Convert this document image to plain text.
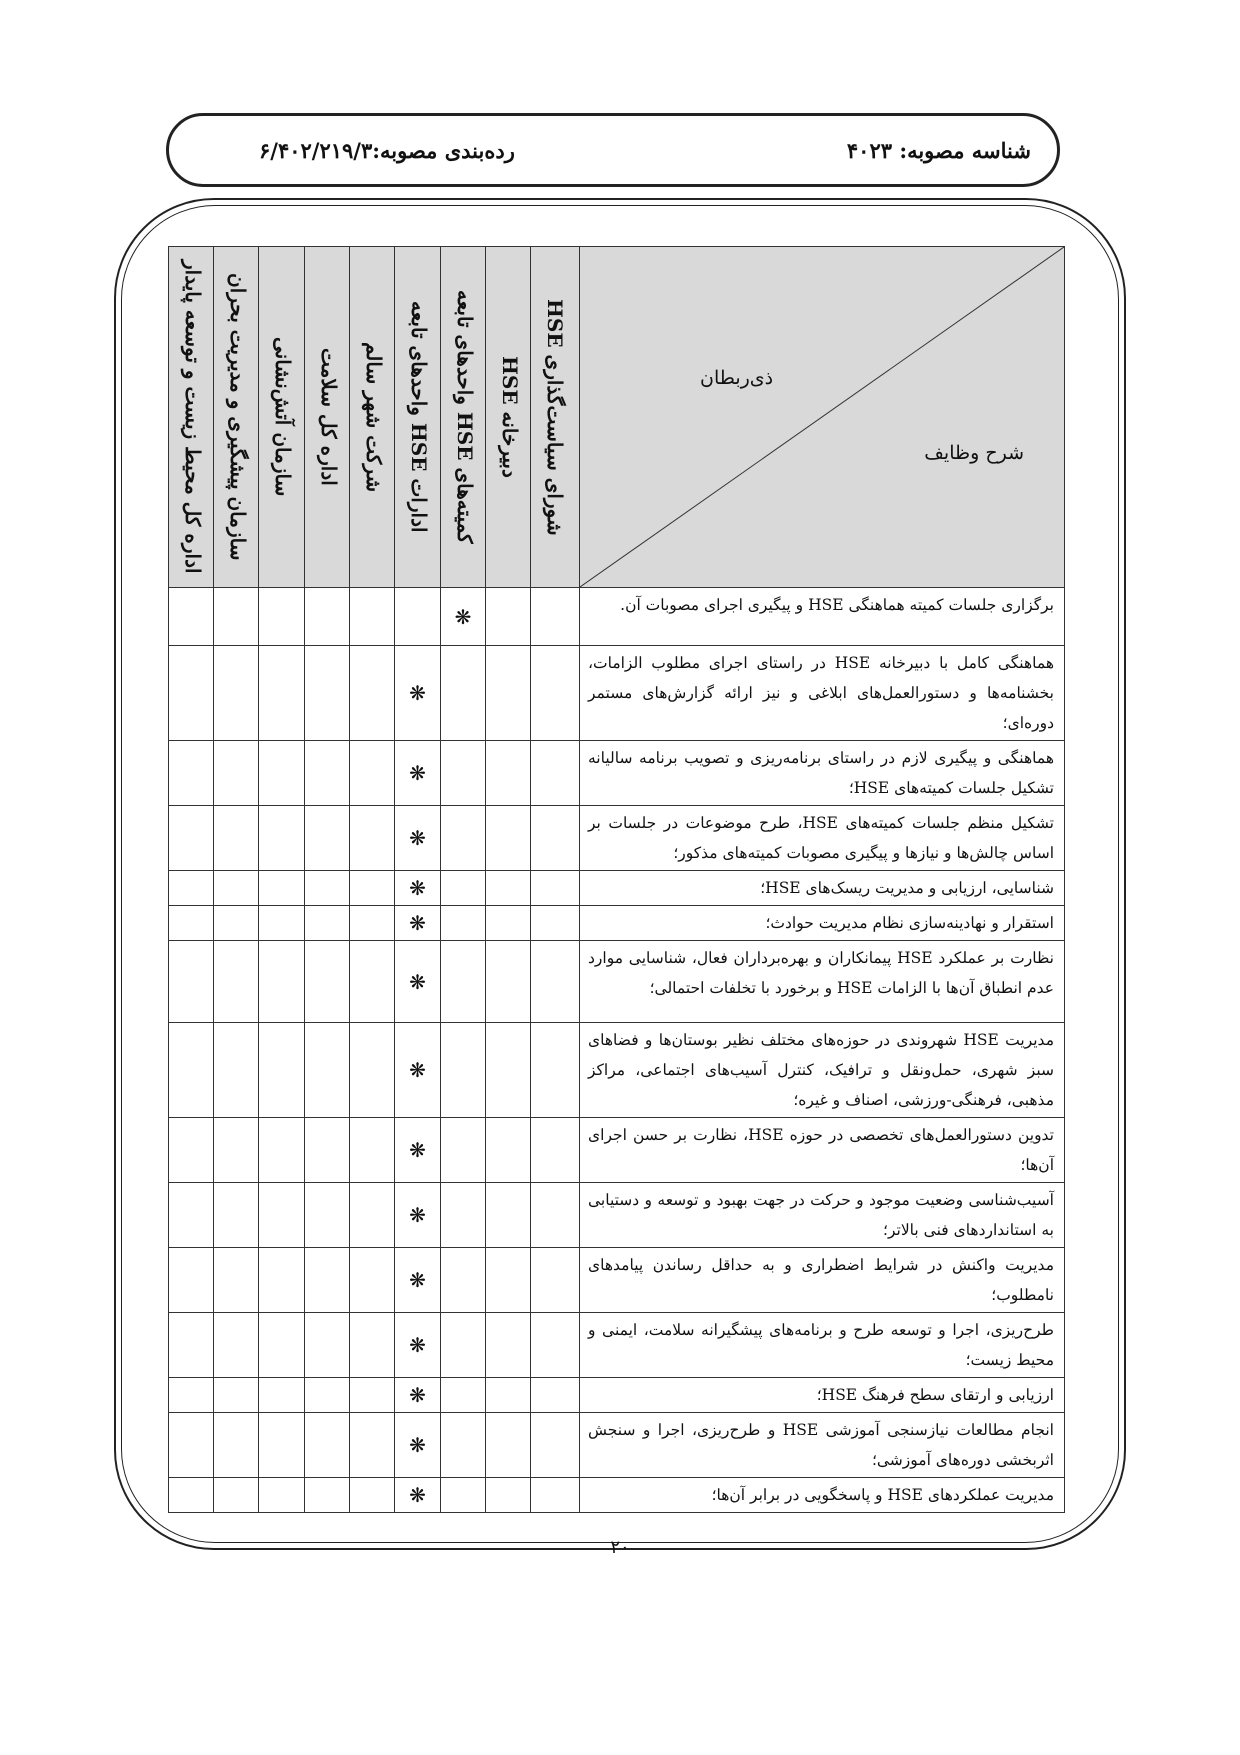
شناسه مصوبه: ۴۰۲۳
رده‌بندی مصوبه:۶/۴۰۲/۲۱۹/۳
اداره کل محیط زیست و توسعه پایدار	سازمان پیشگیری و مدیریت بحران	سازمان آتش‌نشانی	اداره کل سلامت	شرکت شهر سالم	ادارات HSE واحدهای تابعه	کمیته‌های HSE واحدهای تابعه	دبیرخانه HSE	شورای سیاست‌گذاری HSE	ذی‌ربطان
شرح وظایف

						❋			برگزاری جلسات کمیته هماهنگی HSE و پیگیری اجرای مصوبات آن.
					❋				هماهنگی کامل با دبیرخانه HSE در راستای اجرای مطلوب الزامات، بخشنامه‌ها و دستورالعمل‌های ابلاغی و نیز ارائه گزارش‌های مستمر دوره‌ای؛
					❋				هماهنگی و پیگیری لازم در راستای برنامه‌ریزی و تصویب برنامه سالیانه تشکیل جلسات کمیته‌های HSE؛
					❋				تشکیل منظم جلسات کمیته‌های HSE، طرح موضوعات در جلسات بر اساس چالش‌ها و نیازها و پیگیری مصوبات کمیته‌های مذکور؛
					❋				شناسایی، ارزیابی و مدیریت ریسک‌های HSE؛
					❋				استقرار و نهادینه‌سازی نظام مدیریت حوادث؛
					❋				نظارت بر عملکرد HSE پیمانکاران و بهره‌برداران فعال، شناسایی موارد عدم انطباق آن‌ها با الزامات HSE و برخورد با تخلفات احتمالی؛
					❋				مدیریت HSE شهروندی در حوزه‌های مختلف نظیر بوستان‌ها و فضاهای سبز شهری، حمل‌ونقل و ترافیک، کنترل آسیب‌های اجتماعی، مراکز مذهبی، فرهنگی-ورزشی، اصناف و غیره؛
					❋				تدوین دستورالعمل‌های تخصصی در حوزه HSE، نظارت بر حسن اجرای آن‌ها؛
					❋				آسیب‌شناسی وضعیت موجود و حرکت در جهت بهبود و توسعه و دستیابی به استانداردهای فنی بالاتر؛
					❋				مدیریت واکنش در شرایط اضطراری و به حداقل رساندن پیامدهای نامطلوب؛
					❋				طرح‌ریزی، اجرا و توسعه طرح و برنامه‌های پیشگیرانه سلامت، ایمنی و محیط زیست؛
					❋				ارزیابی و ارتقای سطح فرهنگ HSE؛
					❋				انجام مطالعات نیازسنجی آموزشی HSE و طرح‌ریزی، اجرا و سنجش اثربخشی دوره‌های آموزشی؛
					❋				مدیریت عملکردهای HSE و پاسخگویی در برابر آن‌ها؛
۲۰
